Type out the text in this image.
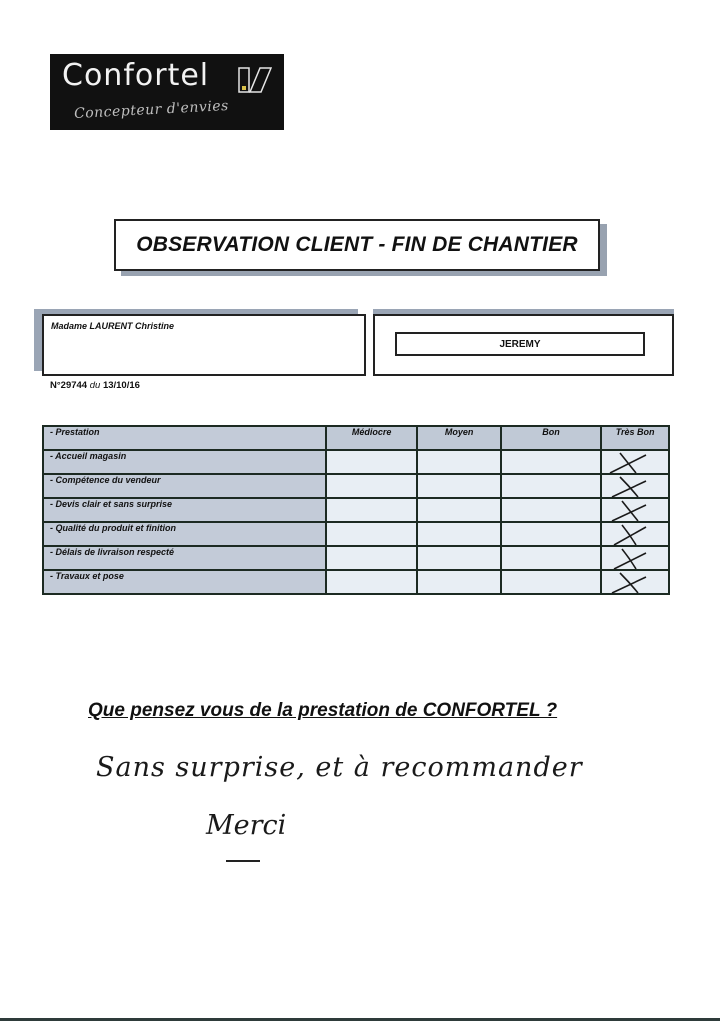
Confortel
Concepteur d'envies
OBSERVATION CLIENT - FIN DE CHANTIER
Madame LAURENT Christine
JEREMY
N°29744 du 13/10/16
- Prestation	Médiocre	Moyen	Bon	Très Bon
- Accueil magasin				

- Compétence du vendeur				

- Devis clair et sans surprise				

- Qualité du produit et finition				

- Délais de livraison respecté				

- Travaux et pose				
Que pensez vous de la prestation de CONFORTEL ?
Sans surprise, et à recommander
Merci
